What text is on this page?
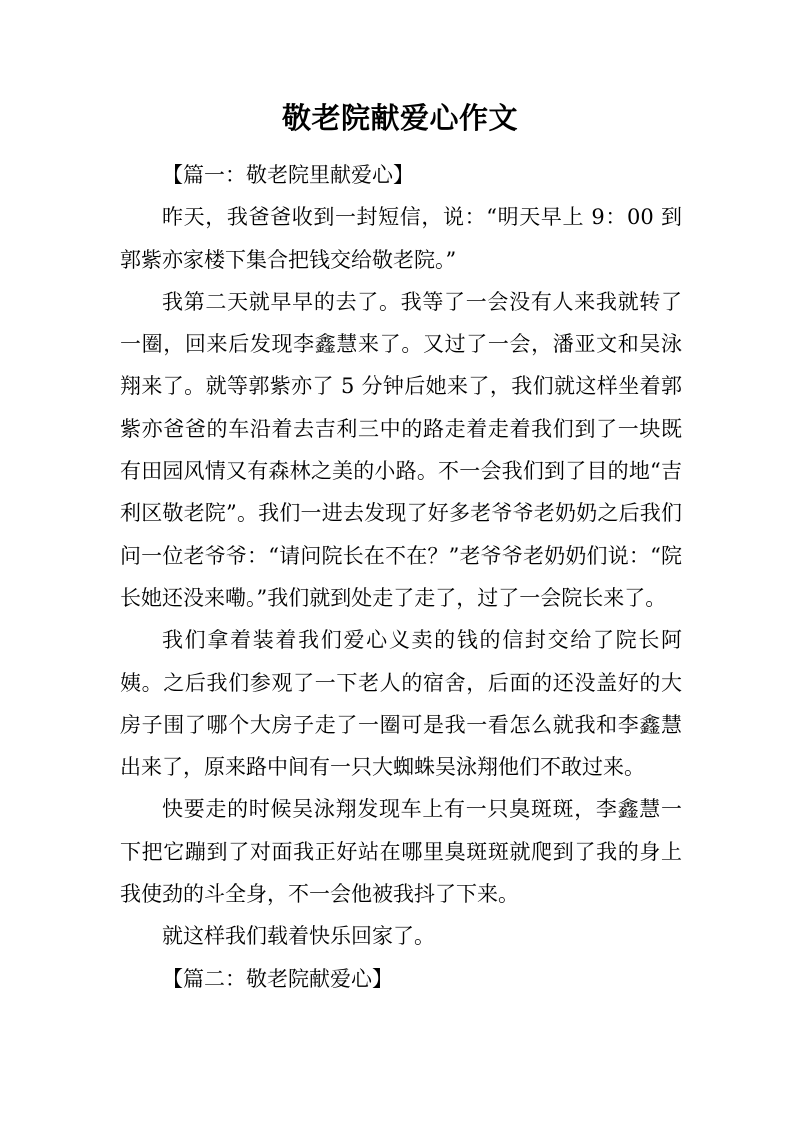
敬老院献爱心作文

【篇一：敬老院里献爱心】

昨天，我爸爸收到一封短信，说：“明天早上 9：00 到郭紫亦家楼下集合把钱交给敬老院。”

我第二天就早早的去了。我等了一会没有人来我就转了一圈，回来后发现李鑫慧来了。又过了一会，潘亚文和吴泳翔来了。就等郭紫亦了 5 分钟后她来了，我们就这样坐着郭紫亦爸爸的车沿着去吉利三中的路走着走着我们到了一块既有田园风情又有森林之美的小路。不一会我们到了目的地“吉利区敬老院”。我们一进去发现了好多老爷爷老奶奶之后我们问一位老爷爷：“请问院长在不在？”老爷爷老奶奶们说：“院长她还没来嘞。”我们就到处走了走了，过了一会院长来了。

我们拿着装着我们爱心义卖的钱的信封交给了院长阿姨。之后我们参观了一下老人的宿舍，后面的还没盖好的大房子围了哪个大房子走了一圈可是我一看怎么就我和李鑫慧出来了，原来路中间有一只大蜘蛛吴泳翔他们不敢过来。

快要走的时候吴泳翔发现车上有一只臭斑斑，李鑫慧一下把它蹦到了对面我正好站在哪里臭斑斑就爬到了我的身上我使劲的斗全身，不一会他被我抖了下来。

就这样我们载着快乐回家了。

【篇二：敬老院献爱心】
